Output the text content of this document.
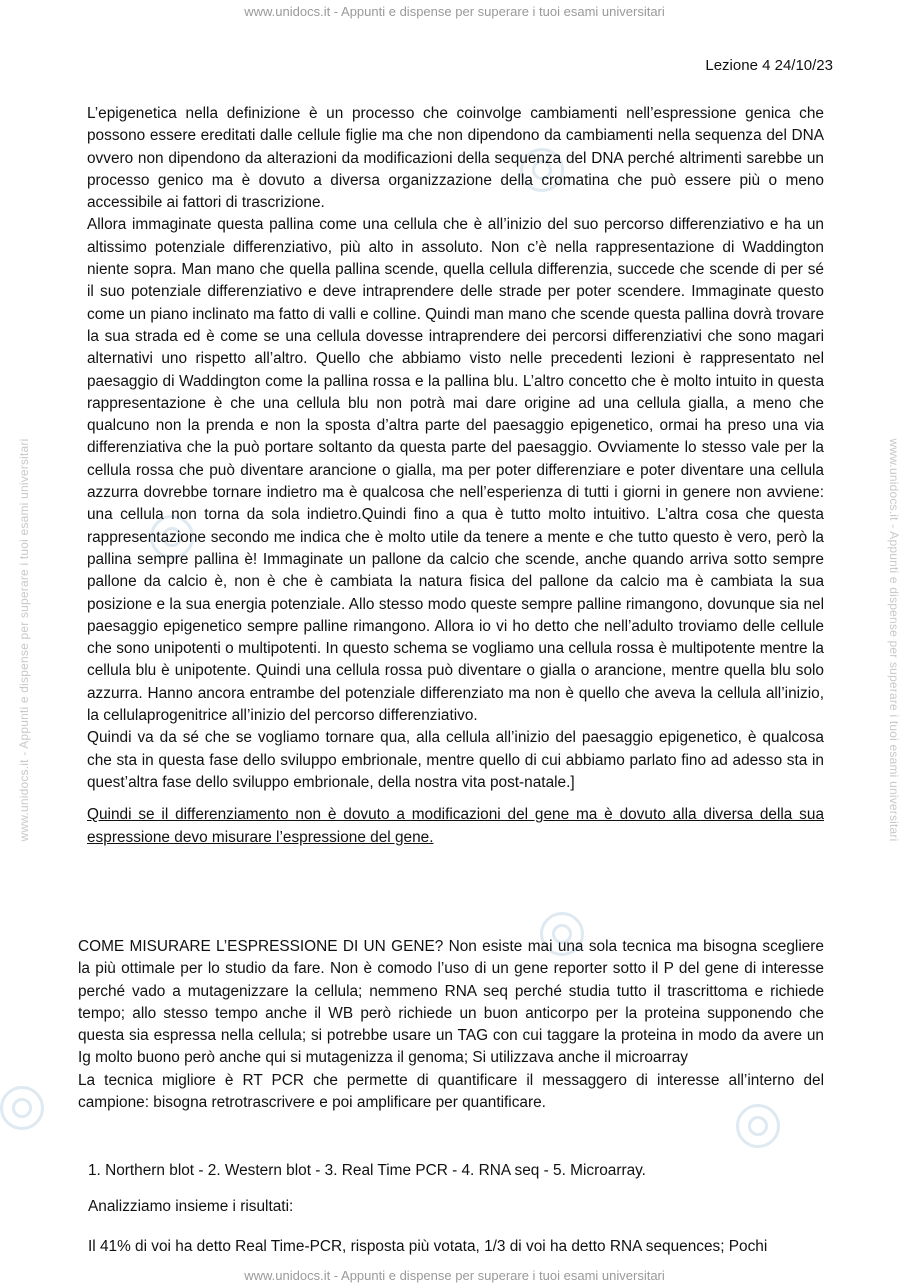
www.unidocs.it - Appunti e dispense per superare i tuoi esami universitari
www.unidocs.it - Appunti e dispense per superare i tuoi esami universitari	www.unidocs.it - Appunti e dispense per superare i tuoi esami universitari
www.unidocs.it - Appunti e dispense per superare i tuoi esami universitari
Lezione 4 24/10/23

L’epigenetica nella definizione è un processo che coinvolge cambiamenti nell’espressione genica che possono essere ereditati dalle cellule figlie ma che non dipendono da cambiamenti nella sequenza del DNA ovvero non dipendono da alterazioni da modificazioni della sequenza del DNA perché altrimenti sarebbe un processo genico ma è dovuto a diversa organizzazione della cromatina che può essere più o meno accessibile ai fattori di trascrizione.

Allora immaginate questa pallina come una cellula che è all’inizio del suo percorso differenziativo e ha un altissimo potenziale differenziativo, più alto in assoluto. Non c’è nella rappresentazione di Waddington niente sopra. Man mano che quella pallina scende, quella cellula differenzia, succede che scende di per sé il suo potenziale differenziativo e deve intraprendere delle strade per poter scendere. Immaginate questo come un piano inclinato ma fatto di valli e colline. Quindi man mano che scende questa pallina dovrà trovare la sua strada ed è come se una cellula dovesse intraprendere dei percorsi differenziativi che sono magari alternativi uno rispetto all’altro. Quello che abbiamo visto nelle precedenti lezioni è rappresentato nel paesaggio di Waddington come la pallina rossa e la pallina blu. L’altro concetto che è molto intuito in questa rappresentazione è che una cellula blu non potrà mai dare origine ad una cellula gialla, a meno che qualcuno non la prenda e non la sposta d’altra parte del paesaggio epigenetico, ormai ha preso una via differenziativa che la può portare soltanto da questa parte del paesaggio. Ovviamente lo stesso vale per la cellula rossa che può diventare arancione o gialla, ma per poter differenziare e poter diventare una cellula azzurra dovrebbe tornare indietro ma è qualcosa che nell’esperienza di tutti i giorni in genere non avviene: una cellula non torna da sola indietro.Quindi fino a qua è tutto molto intuitivo. L’altra cosa che questa rappresentazione secondo me indica che è molto utile da tenere a mente e che tutto questo è vero, però la pallina sempre pallina è! Immaginate un pallone da calcio che scende, anche quando arriva sotto sempre pallone da calcio è, non è che è cambiata la natura fisica del pallone da calcio ma è cambiata la sua posizione e la sua energia potenziale. Allo stesso modo queste sempre palline rimangono, dovunque sia nel paesaggio epigenetico sempre palline rimangono. Allora io vi ho detto che nell’adulto troviamo delle cellule che sono unipotenti o multipotenti. In questo schema se vogliamo una cellula rossa è multipotente mentre la cellula blu è unipotente. Quindi una cellula rossa può diventare o gialla o arancione, mentre quella blu solo azzurra. Hanno ancora entrambe del potenziale differenziato ma non è quello che aveva la cellula all’inizio, la cellulaprogenitrice all’inizio del percorso differenziativo.

Quindi va da sé che se vogliamo tornare qua, alla cellula all’inizio del paesaggio epigenetico, è qualcosa che sta in questa fase dello sviluppo embrionale, mentre quello di cui abbiamo parlato fino ad adesso sta in quest’altra fase dello sviluppo embrionale, della nostra vita post-natale.]

Quindi se il differenziamento non è dovuto a modificazioni del gene ma è dovuto alla diversa della sua espressione devo misurare l’espressione del gene.

COME MISURARE L’ESPRESSIONE DI UN GENE? Non esiste mai una sola tecnica ma bisogna scegliere la più ottimale per lo studio da fare. Non è comodo l’uso di un gene reporter sotto il P del gene di interesse perché vado a mutagenizzare la cellula; nemmeno RNA seq perché studia tutto il trascrittoma e richiede tempo; allo stesso tempo anche il WB però richiede un buon anticorpo per la proteina supponendo che questa sia espressa nella cellula; si potrebbe usare un TAG con cui taggare la proteina in modo da avere un Ig molto buono però anche qui si mutagenizza il genoma; Si utilizzava anche il microarray

La tecnica migliore è RT PCR che permette di quantificare il messaggero di interesse all’interno del campione: bisogna retrotrascrivere e poi amplificare per quantificare.

1. Northern blot - 2. Western blot - 3. Real Time PCR - 4. RNA seq - 5. Microarray.
Analizziamo insieme i risultati:
Il 41% di voi ha detto Real Time-PCR, risposta più votata, 1/3 di voi ha detto RNA sequences; Pochi
